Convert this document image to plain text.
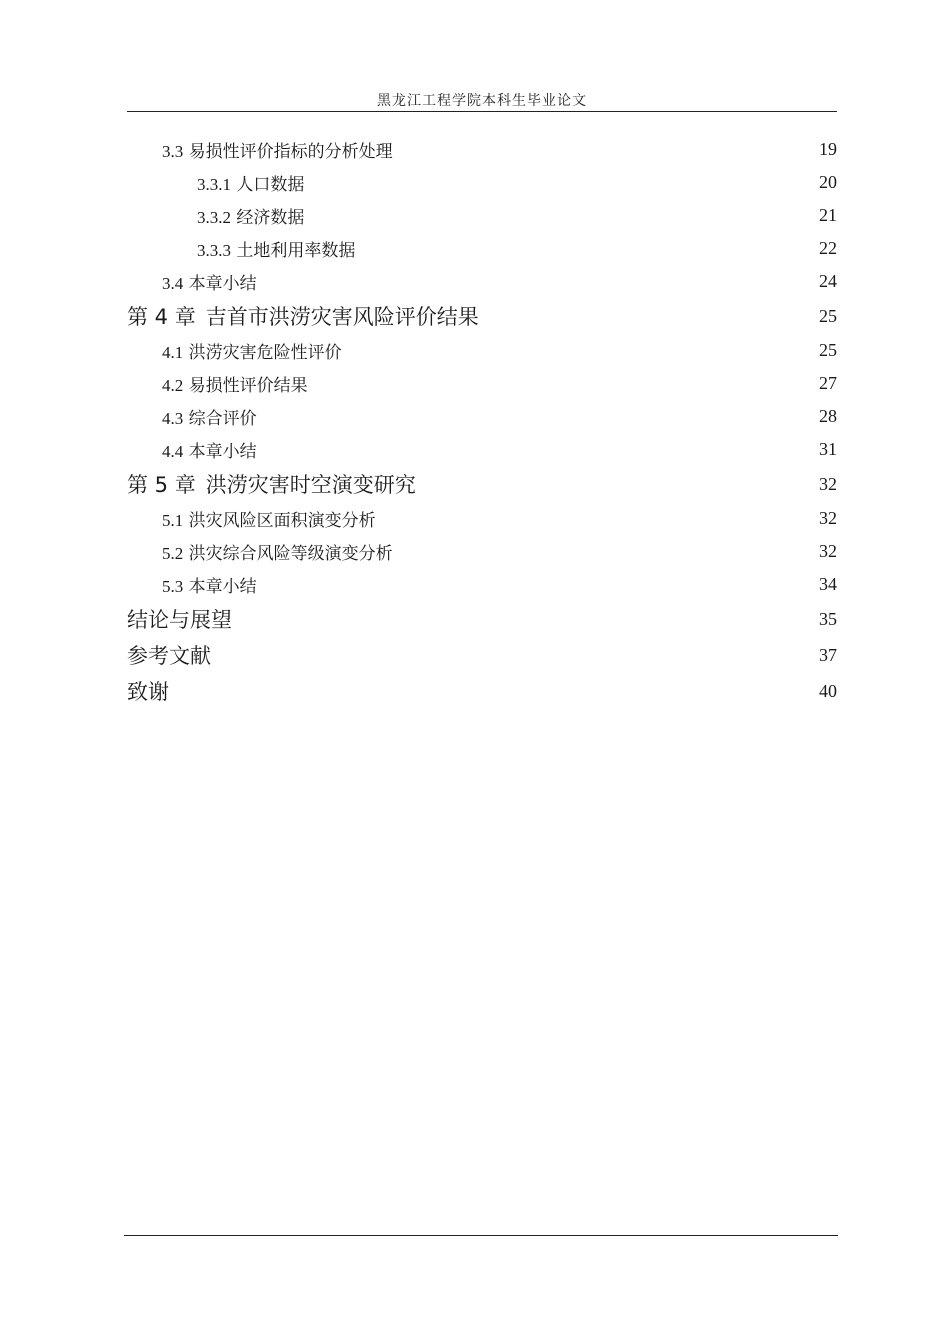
黑龙江工程学院本科生毕业论文
3.3
易损性评价指标的分析处理	19
3.3.1
人口数据	20
3.3.2
经济数据	21
3.3.3
土地利用率数据	22
3.4
本章小结	24
第 4 章 吉首市洪涝灾害风险评价结果	25
4.1
洪涝灾害危险性评价	25
4.2
易损性评价结果	27
4.3
综合评价	28
4.4
本章小结	31
第 5 章 洪涝灾害时空演变研究	32
5.1
洪灾风险区面积演变分析	32
5.2
洪灾综合风险等级演变分析	32
5.3
本章小结	34
结论与展望	35
参考文献	37
致谢	40
